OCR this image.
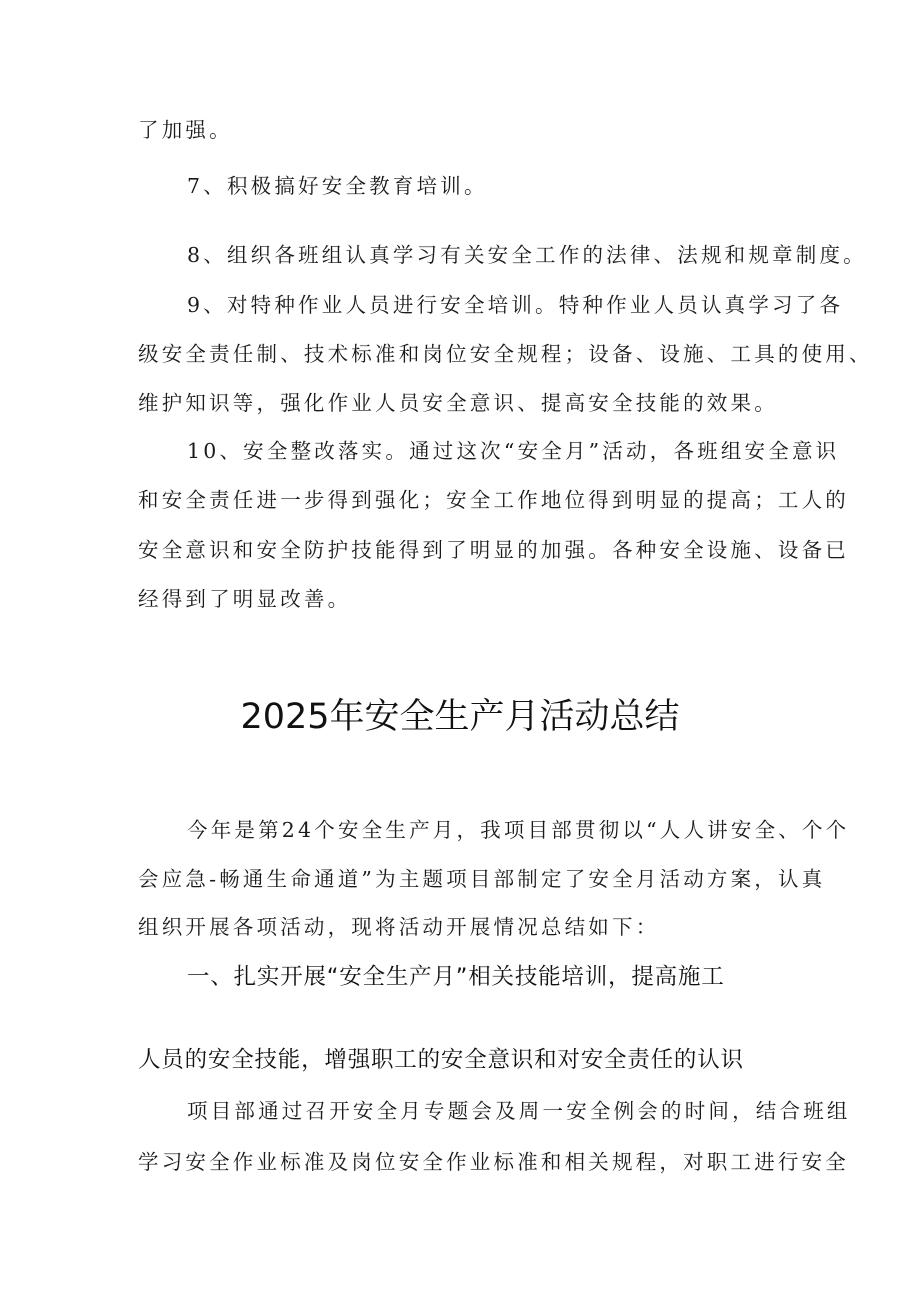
了加强。
7、积极搞好安全教育培训。
8、组织各班组认真学习有关安全工作的法律、法规和规章制度。
9、对特种作业人员进行安全培训。特种作业人员认真学习了各
级安全责任制、技术标准和岗位安全规程；设备、设施、工具的使用、
维护知识等，强化作业人员安全意识、提高安全技能的效果。
10、安全整改落实。通过这次“安全月”活动，各班组安全意识
和安全责任进一步得到强化；安全工作地位得到明显的提高；工人的
安全意识和安全防护技能得到了明显的加强。各种安全设施、设备已
经得到了明显改善。
2025年安全生产月活动总结
今年是第24个安全生产月，我项目部贯彻以“人人讲安全、个个
会应急-畅通生命通道”为主题项目部制定了安全月活动方案，认真
组织开展各项活动，现将活动开展情况总结如下：
一、扎实开展“安全生产月”相关技能培训，提高施工
人员的安全技能，增强职工的安全意识和对安全责任的认识
项目部通过召开安全月专题会及周一安全例会的时间，结合班组
学习安全作业标准及岗位安全作业标准和相关规程，对职工进行安全
